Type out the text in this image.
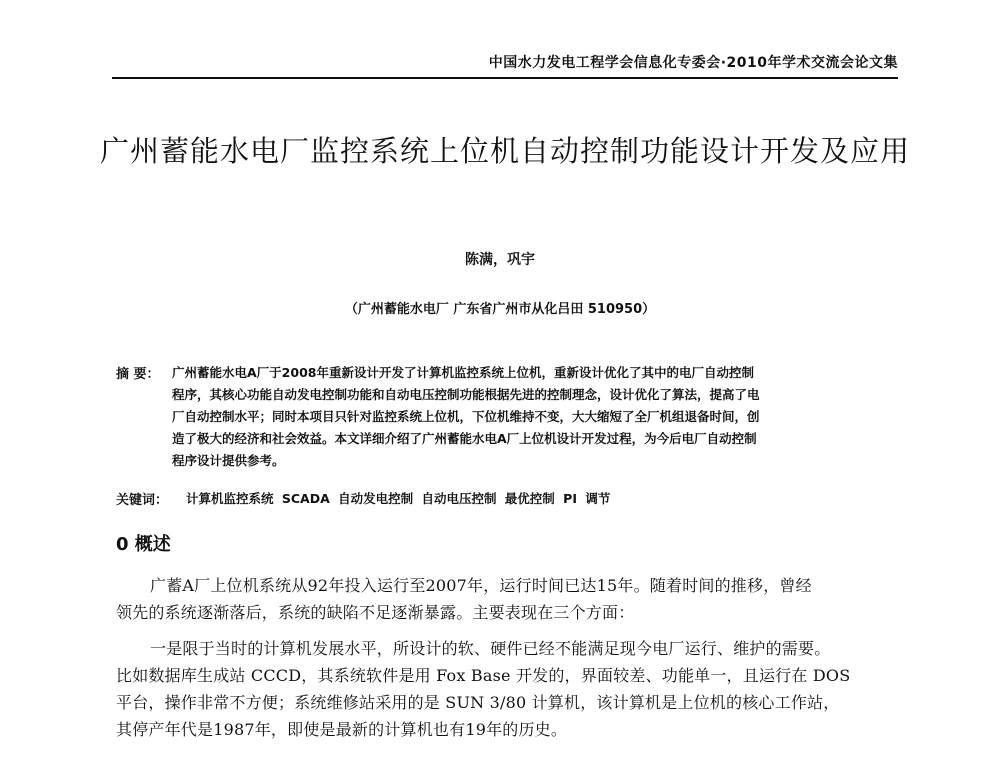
中国水力发电工程学会信息化专委会·2010年学术交流会论文集
广州蓄能水电厂监控系统上位机自动控制功能设计开发及应用
陈满，巩宇
（广州蓄能水电厂 广东省广州市从化吕田 510950）
摘 要： 广州蓄能水电A厂于2008年重新设计开发了计算机监控系统上位机，重新设计优化了其中的电厂自动控制
程序，其核心功能自动发电控制功能和自动电压控制功能根据先进的控制理念，设计优化了算法，提高了电
厂自动控制水平；同时本项目只针对监控系统上位机，下位机维持不变，大大缩短了全厂机组退备时间，创
造了极大的经济和社会效益。本文详细介绍了广州蓄能水电A厂上位机设计开发过程，为今后电厂自动控制
程序设计提供参考。
关键词： 计算机监控系统 SCADA 自动发电控制 自动电压控制 最优控制 PI 调节
0 概述
广蓄A厂上位机系统从92年投入运行至2007年，运行时间已达15年。随着时间的推移，曾经
领先的系统逐渐落后，系统的缺陷不足逐渐暴露。主要表现在三个方面：
一是限于当时的计算机发展水平，所设计的软、硬件已经不能满足现今电厂运行、维护的需要。
比如数据库生成站 CCCD，其系统软件是用 Fox Base 开发的，界面较差、功能单一，且运行在 DOS
平台，操作非常不方便；系统维修站采用的是 SUN 3/80 计算机，该计算机是上位机的核心工作站，
其停产年代是1987年，即使是最新的计算机也有19年的历史。
